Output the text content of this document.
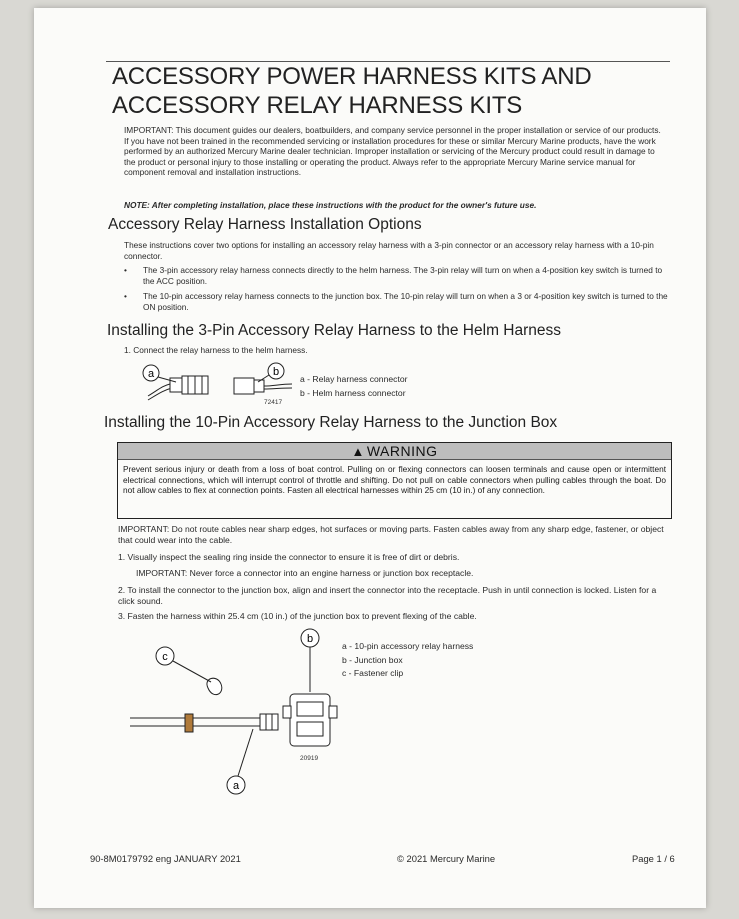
ACCESSORY POWER HARNESS KITS AND
ACCESSORY RELAY HARNESS KITS
IMPORTANT: This document guides our dealers, boatbuilders, and company service personnel in the proper installation or service of our products. If you have not been trained in the recommended servicing or installation procedures for these or similar Mercury Marine products, have the work performed by an authorized Mercury Marine dealer technician. Improper installation or servicing of the Mercury product could result in damage to the product or personal injury to those installing or operating the product. Always refer to the appropriate Mercury Marine service manual for component removal and installation instructions.
NOTE: After completing installation, place these instructions with the product for the owner's future use.
Accessory Relay Harness Installation Options
These instructions cover two options for installing an accessory relay harness with a 3-pin connector or an accessory relay harness with a 10-pin connector.
• The 3-pin accessory relay harness connects directly to the helm harness. The 3-pin relay will turn on when a 4-position key switch is turned to the ACC position.
• The 10-pin accessory relay harness connects to the junction box. The 10-pin relay will turn on when a 3 or 4-position key switch is turned to the ON position.
Installing the 3-Pin Accessory Relay Harness to the Helm Harness
1. Connect the relay harness to the helm harness.
a	b
72417
a - Relay harness connector
b - Helm harness connector
Installing the 10-Pin Accessory Relay Harness to the Junction Box
▲ WARNING
Prevent serious injury or death from a loss of boat control. Pulling on or flexing connectors can loosen terminals and cause open or intermittent electrical connections, which will interrupt control of throttle and shifting. Do not pull on cable connectors when pulling cables through the boat. Do not allow cables to flex at connection points. Fasten all electrical harnesses within 25 cm (10 in.) of any connection.
IMPORTANT: Do not route cables near sharp edges, hot surfaces or moving parts. Fasten cables away from any sharp edge, fastener, or object that could wear into the cable.
1. Visually inspect the sealing ring inside the connector to ensure it is free of dirt or debris.
IMPORTANT: Never force a connector into an engine harness or junction box receptacle.
2. To install the connector to the junction box, align and insert the connector into the receptacle. Push in until connection is locked. Listen for a click sound.
3. Fasten the harness within 25.4 cm (10 in.) of the junction box to prevent flexing of the cable.
c
b
a
20919
a - 10-pin accessory relay harness
b - Junction box
c - Fastener clip
90-8M0179792 eng JANUARY 2021	© 2021 Mercury Marine	Page 1 / 6
